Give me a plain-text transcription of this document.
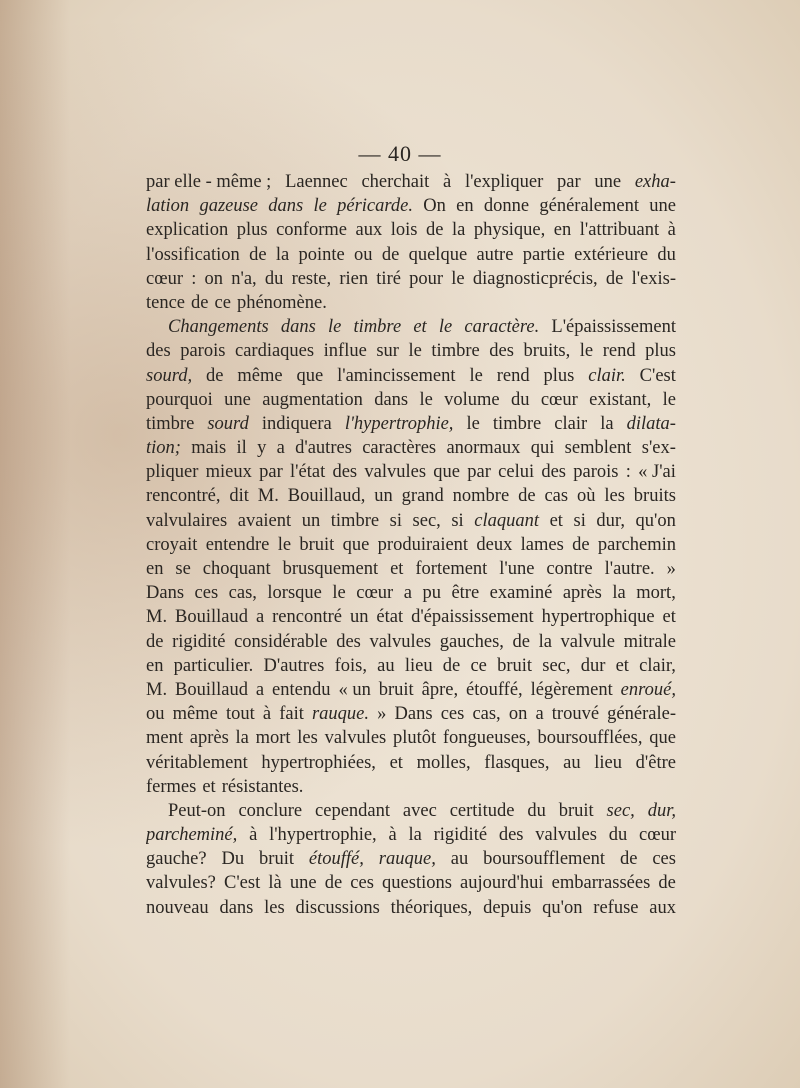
— 40 —
par elle - même ; Laennec cherchait à l'expliquer par une exha-
lation gazeuse dans le péricarde. On en donne généralement une
explication plus conforme aux lois de la physique, en l'attribuant à
l'ossification de la pointe ou de quelque autre partie extérieure du
cœur : on n'a, du reste, rien tiré pour le diagnosticprécis, de l'exis-
tence de ce phénomène.
Changements dans le timbre et le caractère. L'épaississement
des parois cardiaques influe sur le timbre des bruits, le rend plus
sourd, de même que l'amincissement le rend plus clair. C'est
pourquoi une augmentation dans le volume du cœur existant, le
timbre sourd indiquera l'hypertrophie, le timbre clair la dilata-
tion; mais il y a d'autres caractères anormaux qui semblent s'ex-
pliquer mieux par l'état des valvules que par celui des parois : « J'ai
rencontré, dit M. Bouillaud, un grand nombre de cas où les bruits
valvulaires avaient un timbre si sec, si claquant et si dur, qu'on
croyait entendre le bruit que produiraient deux lames de parchemin
en se choquant brusquement et fortement l'une contre l'autre. »
Dans ces cas, lorsque le cœur a pu être examiné après la mort,
M. Bouillaud a rencontré un état d'épaississement hypertrophique et
de rigidité considérable des valvules gauches, de la valvule mitrale
en particulier. D'autres fois, au lieu de ce bruit sec, dur et clair,
M. Bouillaud a entendu « un bruit âpre, étouffé, légèrement enroué,
ou même tout à fait rauque. » Dans ces cas, on a trouvé générale-
ment après la mort les valvules plutôt fongueuses, boursoufflées, que
véritablement hypertrophiées, et molles, flasques, au lieu d'être
fermes et résistantes.
Peut-on conclure cependant avec certitude du bruit sec, dur,
parcheminé, à l'hypertrophie, à la rigidité des valvules du cœur
gauche? Du bruit étouffé, rauque, au boursoufflement de ces
valvules? C'est là une de ces questions aujourd'hui embarrassées de
nouveau dans les discussions théoriques, depuis qu'on refuse aux
